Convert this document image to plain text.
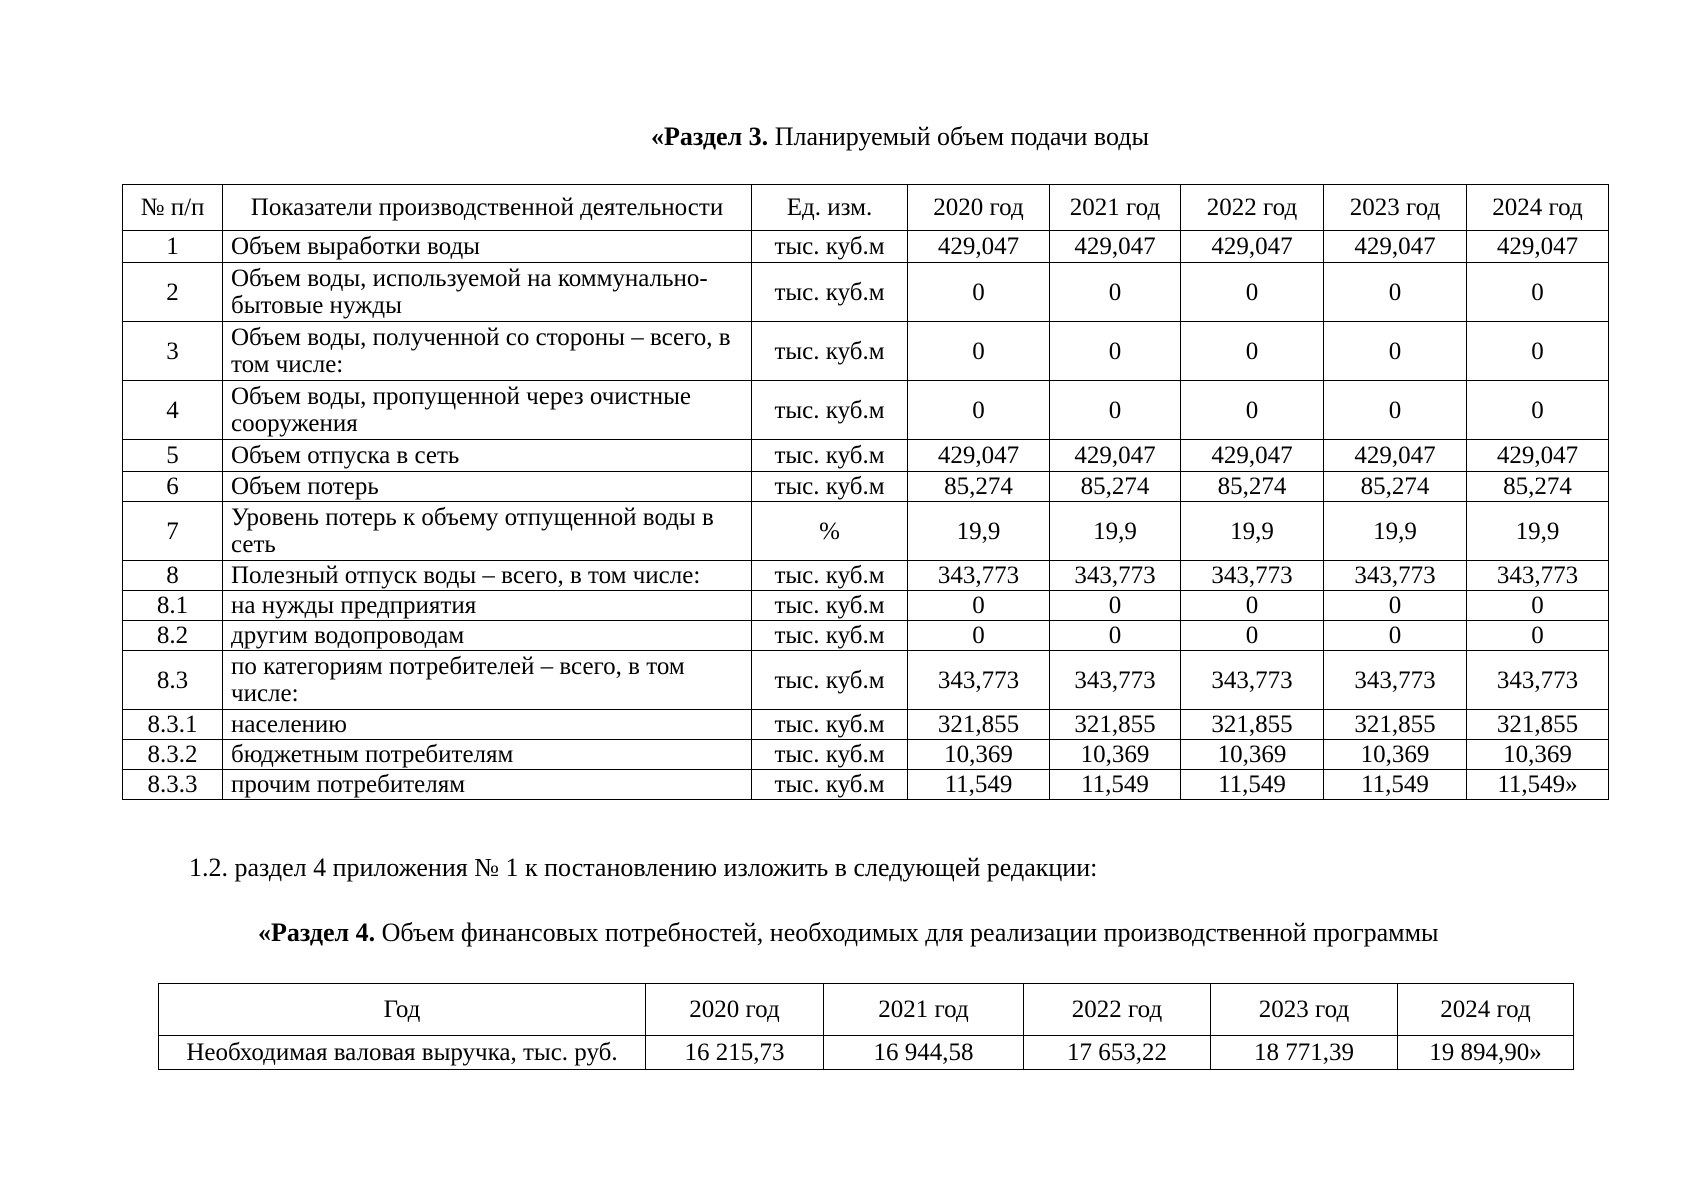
«Раздел 3. Планируемый объем подачи воды
№ п/п	Показатели производственной деятельности	Ед. изм.	2020 год	2021 год	2022 год	2023 год	2024 год
1	Объем выработки воды	тыс. куб.м	429,047	429,047	429,047	429,047	429,047
2	Объем воды, используемой на коммунально-бытовые нужды	тыс. куб.м	0	0	0	0	0
3	Объем воды, полученной со стороны – всего, в том числе:	тыс. куб.м	0	0	0	0	0
4	Объем воды, пропущенной через очистные сооружения	тыс. куб.м	0	0	0	0	0
5	Объем отпуска в сеть	тыс. куб.м	429,047	429,047	429,047	429,047	429,047
6	Объем потерь	тыс. куб.м	85,274	85,274	85,274	85,274	85,274
7	Уровень потерь к объему отпущенной воды в сеть	%	19,9	19,9	19,9	19,9	19,9
8	Полезный отпуск воды – всего, в том числе:	тыс. куб.м	343,773	343,773	343,773	343,773	343,773
8.1	на нужды предприятия	тыс. куб.м	0	0	0	0	0
8.2	другим водопроводам	тыс. куб.м	0	0	0	0	0
8.3	по категориям потребителей – всего, в том числе:	тыс. куб.м	343,773	343,773	343,773	343,773	343,773
8.3.1	населению	тыс. куб.м	321,855	321,855	321,855	321,855	321,855
8.3.2	бюджетным потребителям	тыс. куб.м	10,369	10,369	10,369	10,369	10,369
8.3.3	прочим потребителям	тыс. куб.м	11,549	11,549	11,549	11,549	11,549»
1.2. раздел 4 приложения № 1 к постановлению изложить в следующей редакции:
«Раздел 4. Объем финансовых потребностей, необходимых для реализации производственной программы
Год	2020 год	2021 год	2022 год	2023 год	2024 год
Необходимая валовая выручка, тыс. руб.	16 215,73	16 944,58	17 653,22	18 771,39	19 894,90»
